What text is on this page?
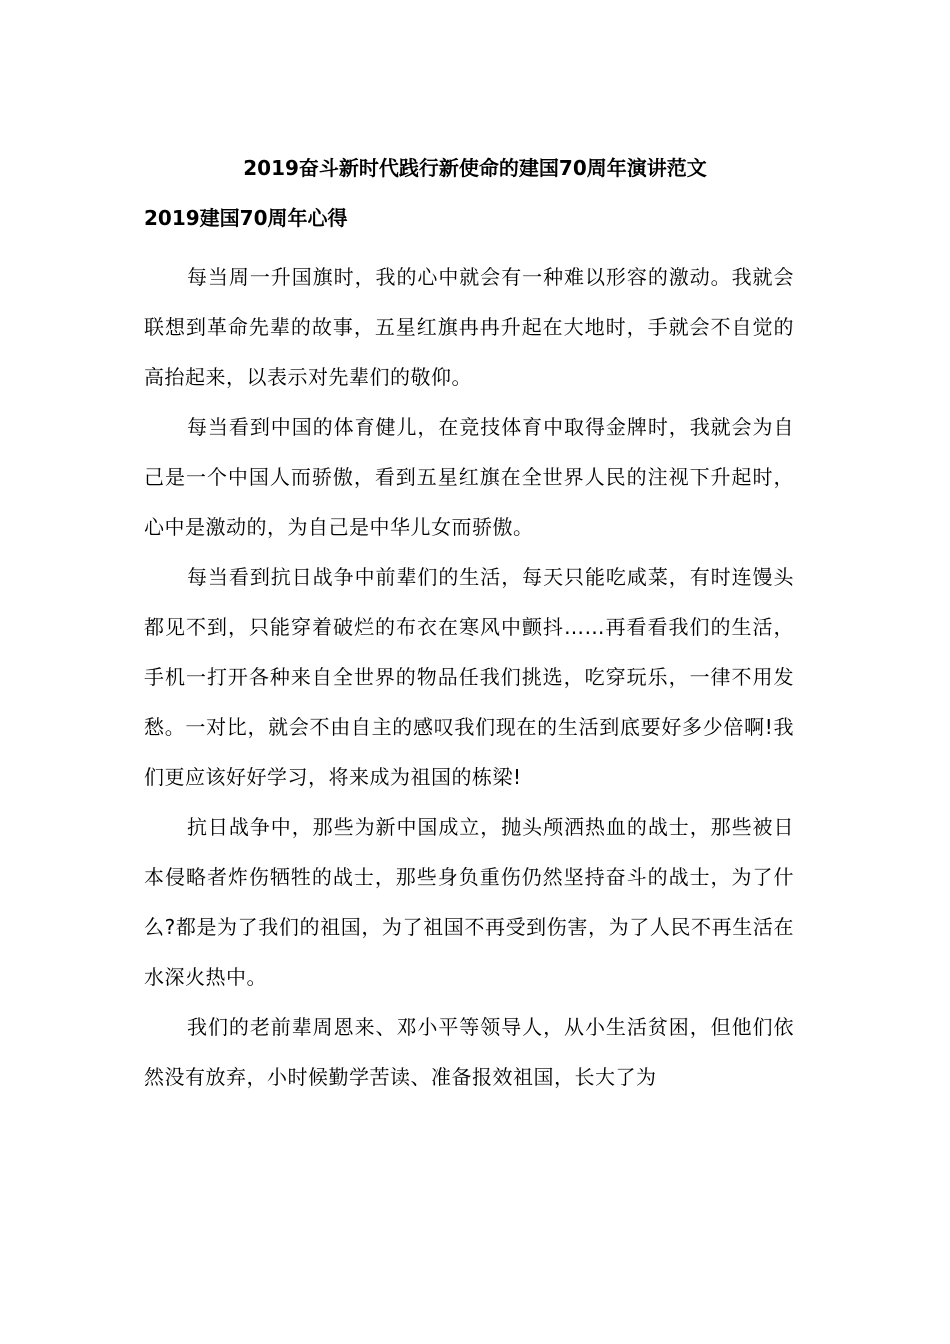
2019奋斗新时代践行新使命的建国70周年演讲范文
2019建国70周年心得

每当周一升国旗时，我的心中就会有一种难以形容的激动。我就会联想到革命先辈的故事，五星红旗冉冉升起在大地时，手就会不自觉的高抬起来，以表示对先辈们的敬仰。

每当看到中国的体育健儿，在竞技体育中取得金牌时，我就会为自己是一个中国人而骄傲，看到五星红旗在全世界人民的注视下升起时，心中是激动的，为自己是中华儿女而骄傲。

每当看到抗日战争中前辈们的生活，每天只能吃咸菜，有时连馒头都见不到，只能穿着破烂的布衣在寒风中颤抖……再看看我们的生活，手机一打开各种来自全世界的物品任我们挑选，吃穿玩乐，一律不用发愁。一对比，就会不由自主的感叹我们现在的生活到底要好多少倍啊!我们更应该好好学习，将来成为祖国的栋梁!

抗日战争中，那些为新中国成立，抛头颅洒热血的战士，那些被日本侵略者炸伤牺牲的战士，那些身负重伤仍然坚持奋斗的战士，为了什么?都是为了我们的祖国，为了祖国不再受到伤害，为了人民不再生活在水深火热中。

我们的老前辈周恩来、邓小平等领导人，从小生活贫困，但他们依然没有放弃，小时候勤学苦读、准备报效祖国，长大了为
